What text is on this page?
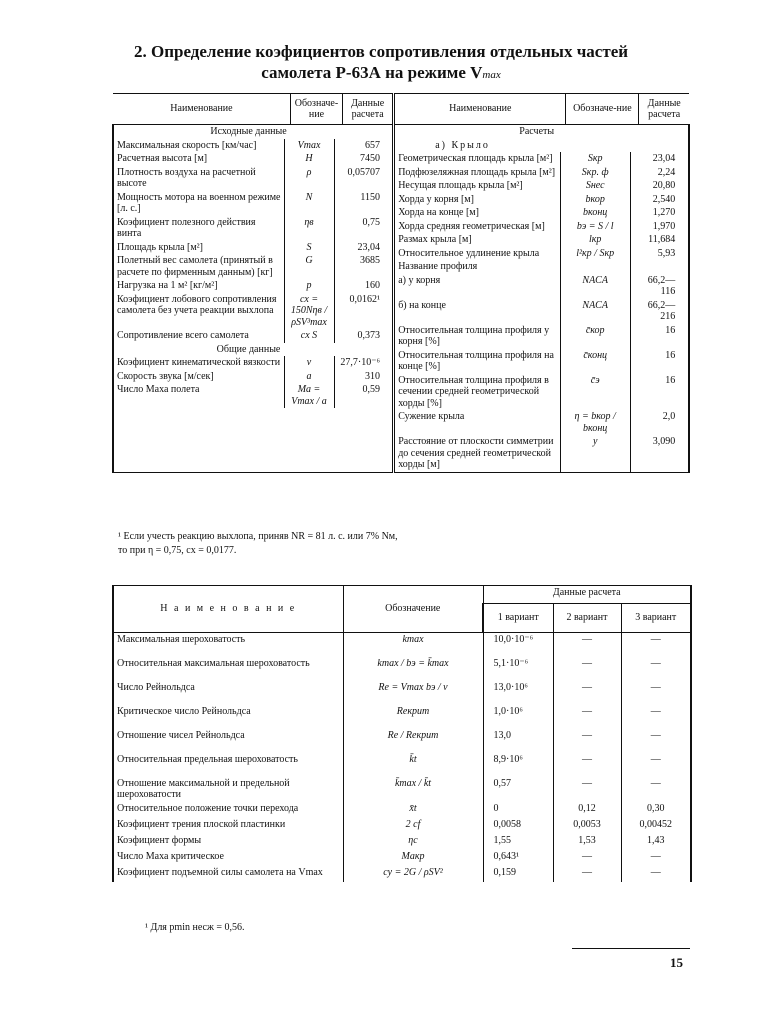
2. Определение коэфициентов сопротивления отдельных частей
самолета Р-63А на режиме Vmax
Наименование	Обозначе-ние	Данные расчета	Наименование	Обозначе-ние	Данные расчета

Исходные данные
Максимальная скорость [км/час]	Vmax	657
Расчетная высота [м]	H	7450
Плотность воздуха на расчетной высоте	ρ	0,05707
Мощность мотора на военном режиме [л. с.]	N	1150
Коэфициент полезного действия винта	ηв	0,75
Площадь крыла [м²]	S	23,04
Полетный вес самолета (принятый в расчете по фирменным данным) [кг]	G	3685
Нагрузка на 1 м² [кг/м²]	p	160
Коэфициент лобового сопротивления самолета без учета реакции выхлопа	cx = 150Nηв / ρSV³max	0,0162¹
Сопротивление всего самолета	cx S	0,373
Общие данные
Коэфициент кинематической вязкости	ν	27,7·10⁻⁶
Скорость звука [м/сек]	a	310
Число Маха полета	Ma = Vmax / a	0,59

Расчеты
а) Крыло
Геометрическая площадь крыла [м²]	Sкр	23,04
Подфюзеляжная площадь крыла [м²]	Sкр. ф	2,24
Несущая площадь крыла [м²]	Sнес	20,80
Хорда у корня [м]	bкор	2,540
Хорда на конце [м]	bконц	1,270
Хорда средняя геометрическая [м]	bэ = S / l	1,970
Размах крыла [м]	lкр	11,684
Относительное удлинение крыла	l²кр / Sкр	5,93
Название профиля		
а) у корня	NACA	66,2—116
б) на конце	NACA	66,2—216
Относительная толщина профиля у корня [%]	c̄кор	16
Относительная толщина профиля на конце [%]	c̄конц	16
Относительная толщина профиля в сечении средней геометрической хорды [%]	c̄э	16
Сужение крыла	η = bкор / bконц	2,0
Расстояние от плоскости симметрии до сечения средней геометрической хорды [м]	y	3,090
¹ Если учесть реакцию выхлопа, приняв NR = 81 л. с. или 7% Nм, то при η = 0,75, cx = 0,0177.
Н а и м е н о в а н и е	Обозначение	Данные расчета		
		1 вариант	2 вариант	3 вариант
Максимальная шероховатость	kmax	10,0·10⁻⁶	—	—
Относительная максимальная шероховатость	kmax / bэ = k̄max	5,1·10⁻⁶	—	—
Число Рейнольдса	Re = Vmax bэ / ν	13,0·10⁶	—	—
Критическое число Рейнольдса	Reкрит	1,0·10⁶	—	—
Отношение чисел Рейнольдса	Re / Reкрит	13,0	—	—
Относительная предельная шероховатость	k̄t	8,9·10⁶	—	—
Отношение максимальной и предельной шероховатости	k̄max / k̄t	0,57	—	—
Относительное положение точки перехода	x̄t	0	0,12	0,30
Коэфициент трения плоской пластинки	2 cf	0,0058	0,0053	0,00452
Коэфициент формы	ηc	1,55	1,53	1,43
Число Маха критическое	Maкр	0,643¹	—	—
Коэфициент подъемной силы самолета на Vmax	cy = 2G / ρSV²	0,159	—	—
¹ Для pmin несж = 0,56.
15
